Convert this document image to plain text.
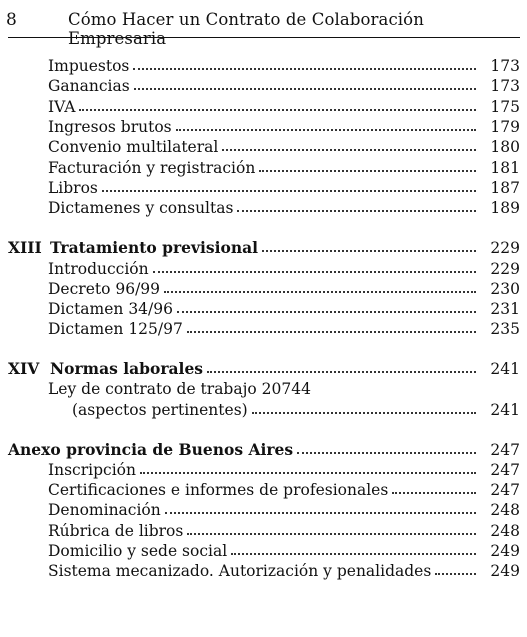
8	Cómo Hacer un Contrato de Colaboración Empresaria
Impuestos	173
Ganancias	173
IVA	175
Ingresos brutos	179
Convenio multilateral	180
Facturación y registración	181
Libros	187
Dictamenes y consultas	189
XIII Tratamiento previsional	229
Introducción	229
Decreto 96/99	230
Dictamen 34/96	231
Dictamen 125/97	235
XIV Normas laborales	241
Ley de contrato de trabajo 20744
(aspectos pertinentes)	241
Anexo provincia de Buenos Aires	247
Inscripción	247
Certificaciones e informes de profesionales	247
Denominación	248
Rúbrica de libros	248
Domicilio y sede social	249
Sistema mecanizado. Autorización y penalidades	249
